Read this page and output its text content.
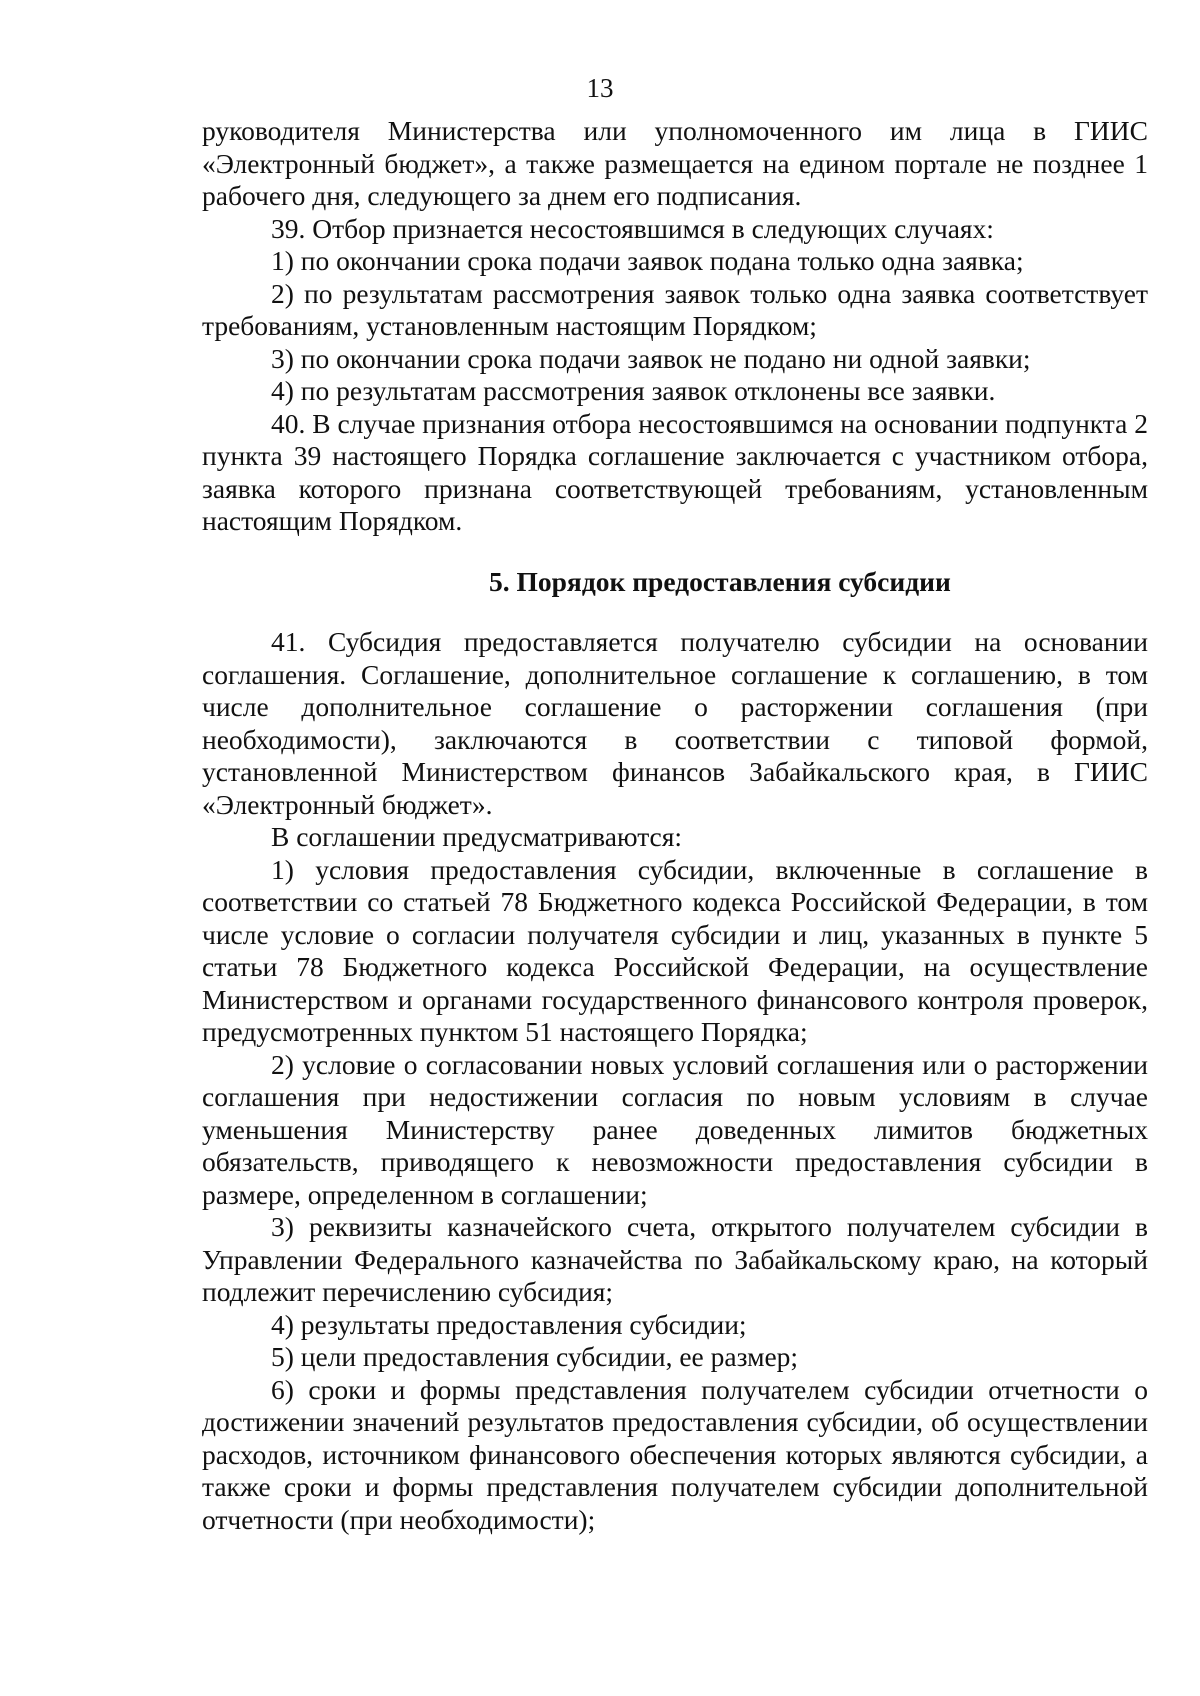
13

руководителя Министерства или уполномоченного им лица в ГИИС «Электронный бюджет», а также размещается на едином портале не позднее 1 рабочего дня, следующего за днем его подписания.

39. Отбор признается несостоявшимся в следующих случаях:

1) по окончании срока подачи заявок подана только одна заявка;

2) по результатам рассмотрения заявок только одна заявка соответствует требованиям, установленным настоящим Порядком;

3) по окончании срока подачи заявок не подано ни одной заявки;

4) по результатам рассмотрения заявок отклонены все заявки.

40. В случае признания отбора несостоявшимся на основании подпункта 2 пункта 39 настоящего Порядка соглашение заключается с участником отбора, заявка которого признана соответствующей требованиям, установленным настоящим Порядком.

5. Порядок предоставления субсидии

41. Субсидия предоставляется получателю субсидии на основании соглашения. Соглашение, дополнительное соглашение к соглашению, в том числе дополнительное соглашение о расторжении соглашения (при необходимости), заключаются в соответствии с типовой формой, установленной Министерством финансов Забайкальского края, в ГИИС «Электронный бюджет».

В соглашении предусматриваются:

1) условия предоставления субсидии, включенные в соглашение в соответствии со статьей 78 Бюджетного кодекса Российской Федерации, в том числе условие о согласии получателя субсидии и лиц, указанных в пункте 5 статьи 78 Бюджетного кодекса Российской Федерации, на осуществление Министерством и органами государственного финансового контроля проверок, предусмотренных пунктом 51 настоящего Порядка;

2) условие о согласовании новых условий соглашения или о расторжении соглашения при недостижении согласия по новым условиям в случае уменьшения Министерству ранее доведенных лимитов бюджетных обязательств, приводящего к невозможности предоставления субсидии в размере, определенном в соглашении;

3) реквизиты казначейского счета, открытого получателем субсидии в Управлении Федерального казначейства по Забайкальскому краю, на который подлежит перечислению субсидия;

4) результаты предоставления субсидии;

5) цели предоставления субсидии, ее размер;

6) сроки и формы представления получателем субсидии отчетности о достижении значений результатов предоставления субсидии, об осуществлении расходов, источником финансового обеспечения которых являются субсидии, а также сроки и формы представления получателем субсидии дополнительной отчетности (при необходимости);
